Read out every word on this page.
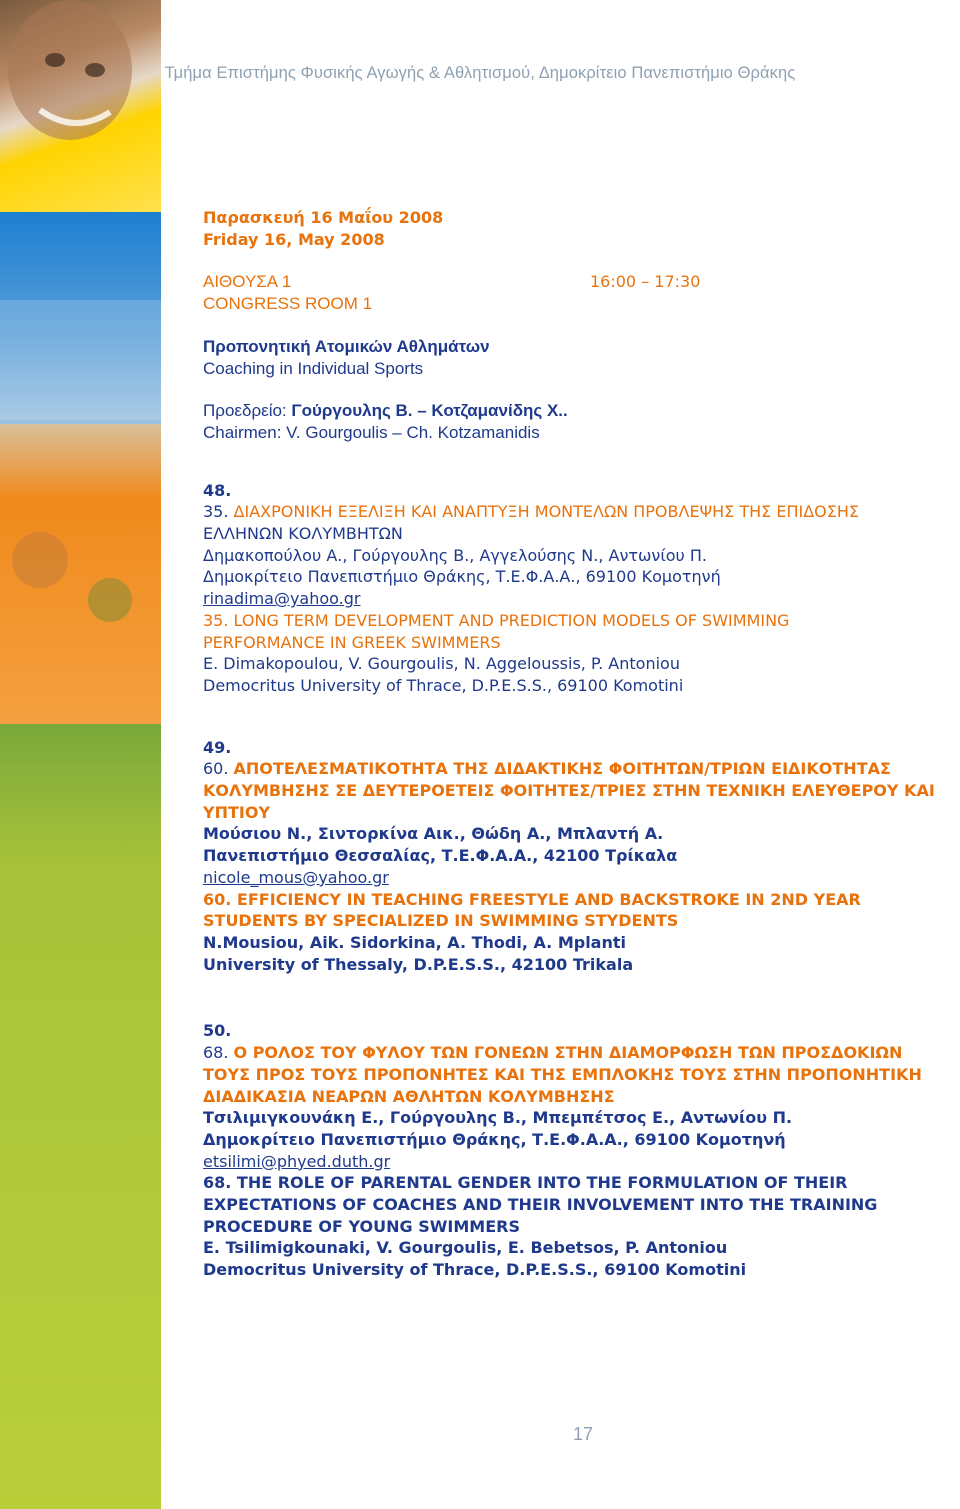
Τμήμα Επιστήμης Φυσικής Αγωγής & Αθλητισμού, Δημοκρίτειο Πανεπιστήμιο Θράκης
Παρασκευή 16 Μαΐου 2008
Friday 16, May 2008
ΑΙΘΟΥΣΑ 1	16:00 – 17:30
CONGRESS ROOM 1
Προπονητική Ατομικών Αθλημάτων
Coaching in Individual Sports
Προεδρείο: Γούργουλης Β. – Κοτζαμανίδης Χ..
Chairmen: V. Gourgoulis – Ch. Kotzamanidis
48.
35. ΔΙΑΧΡΟΝΙΚΗ ΕΞΕΛΙΞΗ ΚΑΙ ΑΝΑΠΤΥΞΗ ΜΟΝΤΕΛΩΝ ΠΡΟΒΛΕΨΗΣ ΤΗΣ ΕΠΙΔΟΣΗΣ
ΕΛΛΗΝΩΝ ΚΟΛΥΜΒΗΤΩΝ
Δημακοπούλου Α., Γούργουλης Β., Αγγελούσης Ν., Αντωνίου Π.
Δημοκρίτειο Πανεπιστήμιο Θράκης, Τ.Ε.Φ.Α.Α., 69100 Κομοτηνή
rinadima@yahoo.gr
35. LONG TERM DEVELOPMENT AND PREDICTION MODELS OF SWIMMING
PERFORMANCE IN GREEK SWIMMERS
E. Dimakopoulou, V. Gourgoulis, N. Aggeloussis, P. Antoniou
Democritus University of Thrace, D.P.E.S.S., 69100 Komotini
49.
60. ΑΠΟΤΕΛΕΣΜΑΤΙΚΟΤΗΤΑ ΤΗΣ ΔΙΔΑΚΤΙΚΗΣ ΦΟΙΤΗΤΩΝ/ΤΡΙΩΝ ΕΙΔΙΚΟΤΗΤΑΣ
ΚΟΛΥΜΒΗΣΗΣ ΣΕ ΔΕΥΤΕΡΟΕΤΕΙΣ ΦΟΙΤΗΤΕΣ/ΤΡΙΕΣ ΣΤΗΝ ΤΕΧΝΙΚΗ ΕΛΕΥΘΕΡΟΥ ΚΑΙ
ΥΠΤΙΟΥ
Μούσιου Ν., Σιντορκίνα Αικ., Θώδη Α., Μπλαντή Α.
Πανεπιστήμιο Θεσσαλίας, Τ.Ε.Φ.Α.Α., 42100 Τρίκαλα
nicole_mous@yahoo.gr
60. EFFICIENCY IN TEACHING FREESTYLE AND BACKSTROKE IN 2ND YEAR
STUDENTS BY SPECIALIZED IN SWIMMING STYDENTS
N.Mousiou, Aik. Sidorkina, A. Thodi, A. Mplanti
University of Thessaly, D.P.E.S.S., 42100 Trikala
50.
68. Ο ΡΟΛΟΣ ΤΟΥ ΦΥΛΟΥ ΤΩΝ ΓΟΝΕΩΝ ΣΤΗΝ ΔΙΑΜΟΡΦΩΣΗ ΤΩΝ ΠΡΟΣΔΟΚΙΩΝ
ΤΟΥΣ ΠΡΟΣ ΤΟΥΣ ΠΡΟΠΟΝΗΤΕΣ ΚΑΙ ΤΗΣ ΕΜΠΛΟΚΗΣ ΤΟΥΣ ΣΤΗΝ ΠΡΟΠΟΝΗΤΙΚΗ
ΔΙΑΔΙΚΑΣΙΑ ΝΕΑΡΩΝ ΑΘΛΗΤΩΝ ΚΟΛΥΜΒΗΣΗΣ
Τσιλιμιγκουνάκη Ε., Γούργουλης Β., Μπεμπέτσος Ε., Αντωνίου Π.
Δημοκρίτειο Πανεπιστήμιο Θράκης, Τ.Ε.Φ.Α.Α., 69100 Κομοτηνή
etsilimi@phyed.duth.gr
68. THE ROLE OF PARENTAL GENDER INTO THE FORMULATION OF THEIR
EXPECTATIONS OF COACHES AND THEIR INVOLVEMENT INTO THE TRAINING
PROCEDURE OF YOUNG SWIMMERS
E. Tsilimigkounaki, V. Gourgoulis, E. Bebetsos, P. Antoniou
Democritus University of Thrace, D.P.E.S.S., 69100 Komotini
17
